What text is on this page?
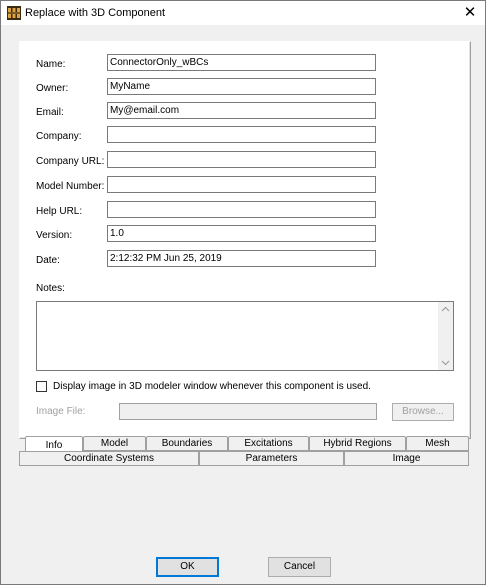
Replace with 3D Component	✕
Name:	ConnectorOnly_wBCs
Owner:	MyName
Email:	My@email.com
Company:
Company URL:
Model Number:
Help URL:
Version:	1.0
Date:	2:12:32 PM Jun 25, 2019
Notes:
Display image in 3D modeler window whenever this component is used.
Image File:	Browse...
Model	Boundaries	Excitations	Hybrid Regions	Mesh
Info
Coordinate Systems	Parameters	Image
OK	Cancel
